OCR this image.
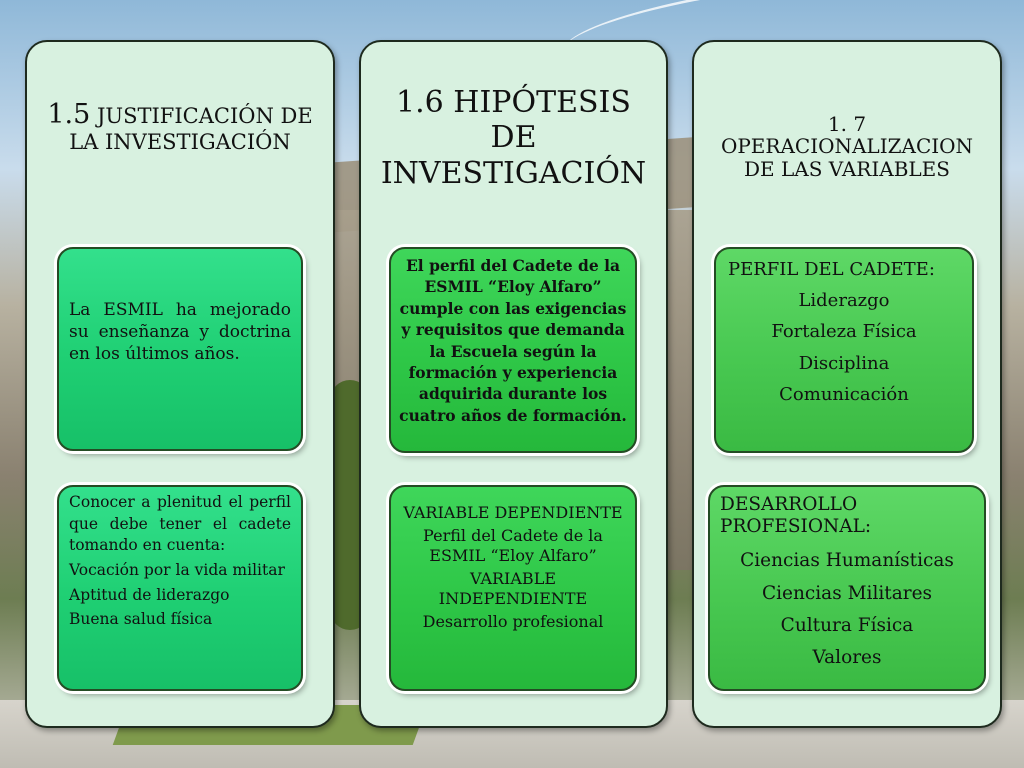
1.5 JUSTIFICACIÓN DE LA INVESTIGACIÓN
La ESMIL ha mejorado su enseñanza y doctrina en los últimos años.
Conocer a plenitud el perfil que debe tener el cadete tomando en cuenta:
Vocación por la vida militar
Aptitud de liderazgo
Buena salud física
1.6 HIPÓTESIS
DE
INVESTIGACIÓN
El perfil del Cadete de la ESMIL “Eloy Alfaro” cumple con las exigencias y requisitos que demanda la Escuela según la formación y experiencia adquirida durante los cuatro años de formación.
VARIABLE DEPENDIENTE
Perfil del Cadete de la ESMIL “Eloy Alfaro”
VARIABLE INDEPENDIENTE
Desarrollo profesional
1. 7
OPERACIONALIZACION DE LAS VARIABLES
PERFIL DEL CADETE:
Liderazgo
Fortaleza Física
Disciplina
Comunicación
DESARROLLO PROFESIONAL:
Ciencias Humanísticas
Ciencias Militares
Cultura Física
Valores
